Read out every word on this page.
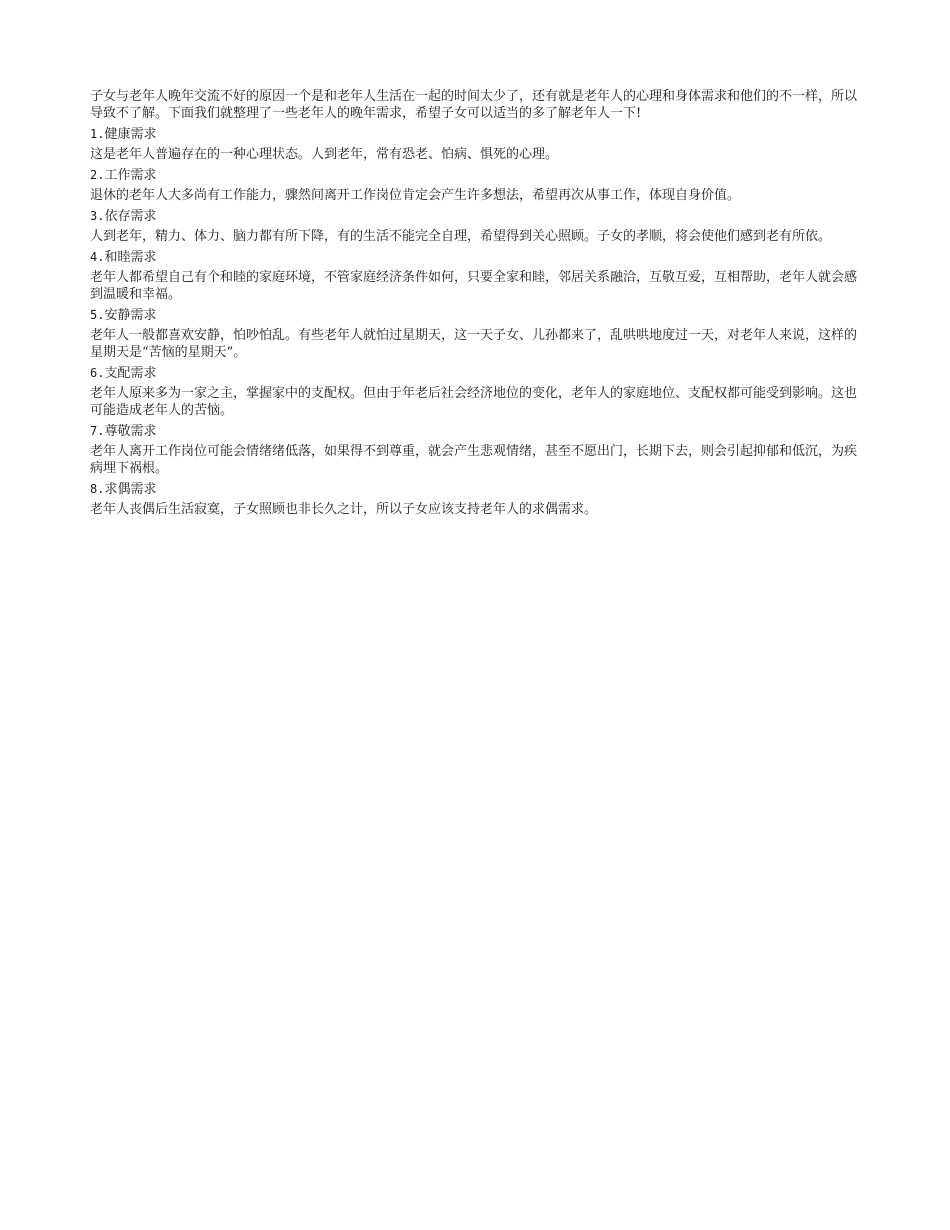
子女与老年人晚年交流不好的原因一个是和老年人生活在一起的时间太少了，还有就是老年人的心理和身体需求和他们的不一样，所以导致不了解。下面我们就整理了一些老年人的晚年需求，希望子女可以适当的多了解老年人一下!

1.健康需求

这是老年人普遍存在的一种心理状态。人到老年，常有恐老、怕病、惧死的心理。

2.工作需求

退休的老年人大多尚有工作能力，骤然间离开工作岗位肯定会产生许多想法，希望再次从事工作，体现自身价值。

3.依存需求

人到老年，精力、体力、脑力都有所下降，有的生活不能完全自理，希望得到关心照顾。子女的孝顺，将会使他们感到老有所依。

4.和睦需求

老年人都希望自己有个和睦的家庭环境，不管家庭经济条件如何，只要全家和睦，邻居关系融洽，互敬互爱，互相帮助，老年人就会感到温暖和幸福。

5.安静需求

老年人一般都喜欢安静，怕吵怕乱。有些老年人就怕过星期天，这一天子女、儿孙都来了，乱哄哄地度过一天，对老年人来说，这样的星期天是“苦恼的星期天”。

6.支配需求

老年人原来多为一家之主，掌握家中的支配权。但由于年老后社会经济地位的变化，老年人的家庭地位、支配权都可能受到影响。这也可能造成老年人的苦恼。

7.尊敬需求

老年人离开工作岗位可能会情绪绪低落，如果得不到尊重，就会产生悲观情绪，甚至不愿出门，长期下去，则会引起抑郁和低沉，为疾病埋下祸根。

8.求偶需求

老年人丧偶后生活寂寞，子女照顾也非长久之计，所以子女应该支持老年人的求偶需求。
